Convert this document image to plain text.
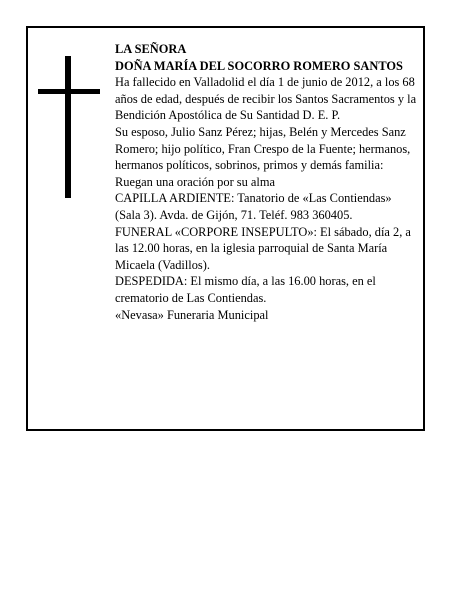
LA SEÑORA

DOÑA MARÍA DEL SOCORRO ROMERO SANTOS

Ha fallecido en Valladolid el día 1 de junio de 2012, a los 68 años de edad, después de recibir los Santos Sacramentos y la Bendición Apostólica de Su Santidad D. E. P.

Su esposo, Julio Sanz Pérez; hijas, Belén y Mercedes Sanz Romero; hijo político, Fran Crespo de la Fuente; hermanos, hermanos políticos, sobrinos, primos y demás familia:

Ruegan una oración por su alma

CAPILLA ARDIENTE: Tanatorio de «Las Contiendas» (Sala 3). Avda. de Gijón, 71. Teléf. 983 360405.

FUNERAL «CORPORE INSEPULTO»: El sábado, día 2, a las 12.00 horas, en la iglesia parroquial de Santa María Micaela (Vadillos).

DESPEDIDA: El mismo día, a las 16.00 horas, en el crematorio de Las Contiendas.

«Nevasa» Funeraria Municipal
